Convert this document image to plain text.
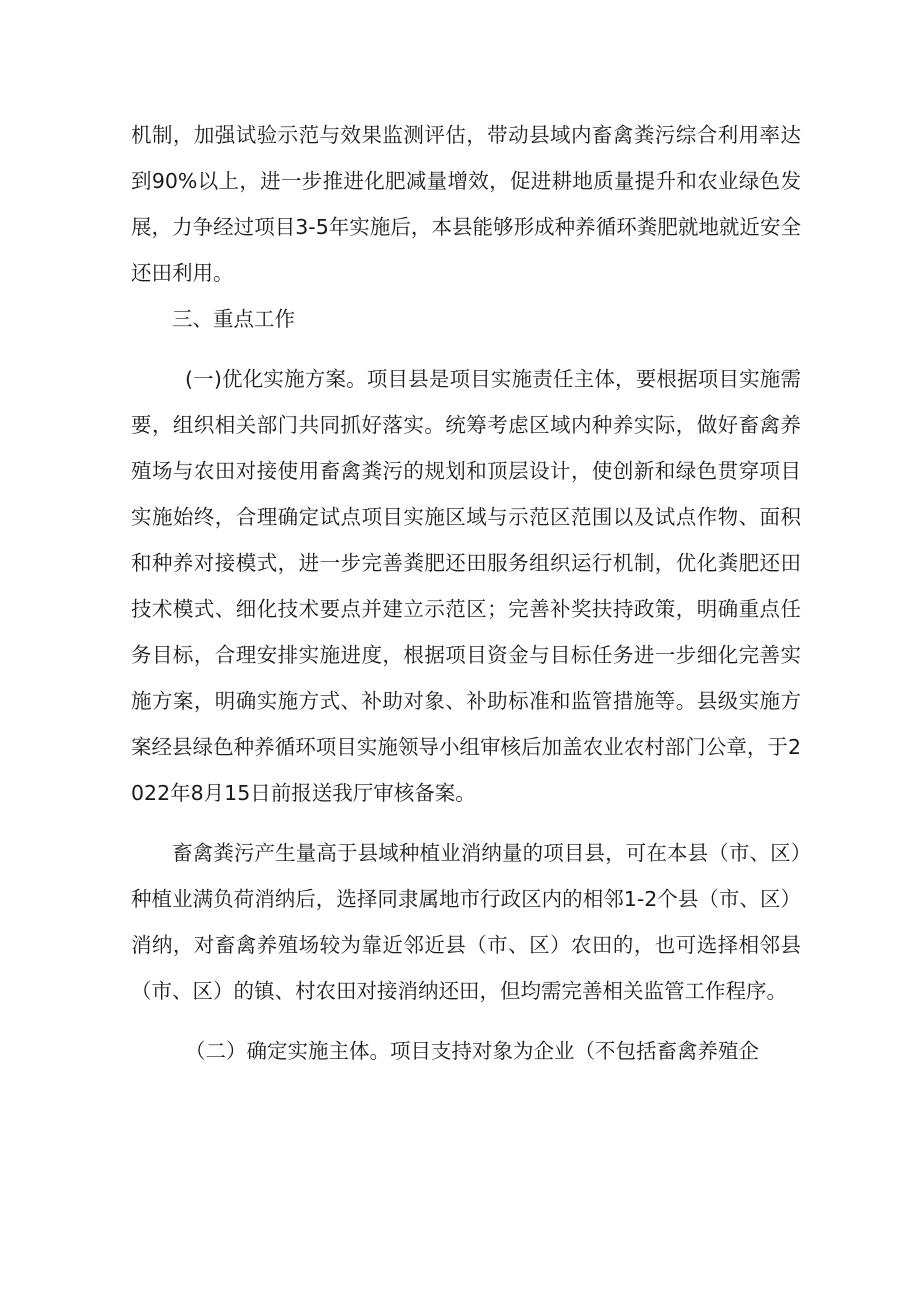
机制，加强试验示范与效果监测评估，带动县域内畜禽粪污综合利用率达到90%以上，进一步推进化肥减量增效，促进耕地质量提升和农业绿色发展，力争经过项目3-5年实施后，本县能够形成种养循环粪肥就地就近安全还田利用。

三、重点工作

(一)优化实施方案。项目县是项目实施责任主体，要根据项目实施需要，组织相关部门共同抓好落实。统筹考虑区域内种养实际，做好畜禽养殖场与农田对接使用畜禽粪污的规划和顶层设计，使创新和绿色贯穿项目实施始终，合理确定试点项目实施区域与示范区范围以及试点作物、面积和种养对接模式，进一步完善粪肥还田服务组织运行机制，优化粪肥还田技术模式、细化技术要点并建立示范区；完善补奖扶持政策，明确重点任务目标，合理安排实施进度，根据项目资金与目标任务进一步细化完善实施方案，明确实施方式、补助对象、补助标准和监管措施等。县级实施方案经县绿色种养循环项目实施领导小组审核后加盖农业农村部门公章，于2022年8月15日前报送我厅审核备案。

畜禽粪污产生量高于县域种植业消纳量的项目县，可在本县（市、区）种植业满负荷消纳后，选择同隶属地市行政区内的相邻1-2个县（市、区）消纳，对畜禽养殖场较为靠近邻近县（市、区）农田的，也可选择相邻县（市、区）的镇、村农田对接消纳还田，但均需完善相关监管工作程序。

（二）确定实施主体。项目支持对象为企业（不包括畜禽养殖企
